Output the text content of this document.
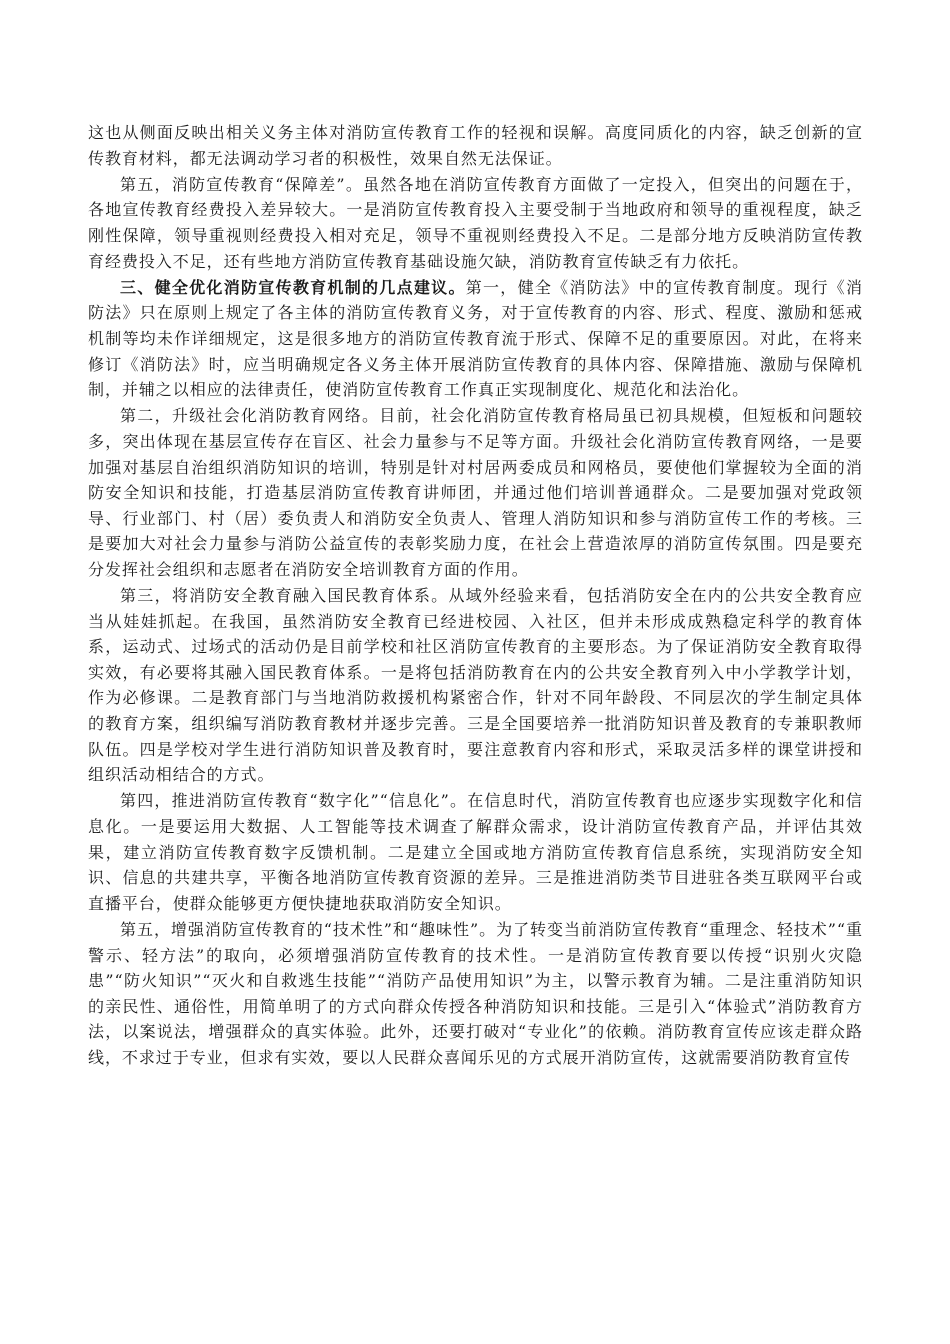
这也从侧面反映出相关义务主体对消防宣传教育工作的轻视和误解。高度同质化的内容，缺乏创新的宣传教育材料，都无法调动学习者的积极性，效果自然无法保证。

第五，消防宣传教育“保障差”。虽然各地在消防宣传教育方面做了一定投入，但突出的问题在于，各地宣传教育经费投入差异较大。一是消防宣传教育投入主要受制于当地政府和领导的重视程度，缺乏刚性保障，领导重视则经费投入相对充足，领导不重视则经费投入不足。二是部分地方反映消防宣传教育经费投入不足，还有些地方消防宣传教育基础设施欠缺，消防教育宣传缺乏有力依托。

三、健全优化消防宣传教育机制的几点建议。第一，健全《消防法》中的宣传教育制度。现行《消防法》只在原则上规定了各主体的消防宣传教育义务，对于宣传教育的内容、形式、程度、激励和惩戒机制等均未作详细规定，这是很多地方的消防宣传教育流于形式、保障不足的重要原因。对此，在将来修订《消防法》时，应当明确规定各义务主体开展消防宣传教育的具体内容、保障措施、激励与保障机制，并辅之以相应的法律责任，使消防宣传教育工作真正实现制度化、规范化和法治化。

第二，升级社会化消防教育网络。目前，社会化消防宣传教育格局虽已初具规模，但短板和问题较多，突出体现在基层宣传存在盲区、社会力量参与不足等方面。升级社会化消防宣传教育网络，一是要加强对基层自治组织消防知识的培训，特别是针对村居两委成员和网格员，要使他们掌握较为全面的消防安全知识和技能，打造基层消防宣传教育讲师团，并通过他们培训普通群众。二是要加强对党政领导、行业部门、村（居）委负责人和消防安全负责人、管理人消防知识和参与消防宣传工作的考核。三是要加大对社会力量参与消防公益宣传的表彰奖励力度，在社会上营造浓厚的消防宣传氛围。四是要充分发挥社会组织和志愿者在消防安全培训教育方面的作用。

第三，将消防安全教育融入国民教育体系。从域外经验来看，包括消防安全在内的公共安全教育应当从娃娃抓起。在我国，虽然消防安全教育已经进校园、入社区，但并未形成成熟稳定科学的教育体系，运动式、过场式的活动仍是目前学校和社区消防宣传教育的主要形态。为了保证消防安全教育取得实效，有必要将其融入国民教育体系。一是将包括消防教育在内的公共安全教育列入中小学教学计划，作为必修课。二是教育部门与当地消防救援机构紧密合作，针对不同年龄段、不同层次的学生制定具体的教育方案，组织编写消防教育教材并逐步完善。三是全国要培养一批消防知识普及教育的专兼职教师队伍。四是学校对学生进行消防知识普及教育时，要注意教育内容和形式，采取灵活多样的课堂讲授和组织活动相结合的方式。

第四，推进消防宣传教育“数字化”“信息化”。在信息时代，消防宣传教育也应逐步实现数字化和信息化。一是要运用大数据、人工智能等技术调查了解群众需求，设计消防宣传教育产品，并评估其效果，建立消防宣传教育数字反馈机制。二是建立全国或地方消防宣传教育信息系统，实现消防安全知识、信息的共建共享，平衡各地消防宣传教育资源的差异。三是推进消防类节目进驻各类互联网平台或直播平台，使群众能够更方便快捷地获取消防安全知识。

第五，增强消防宣传教育的“技术性”和“趣味性”。为了转变当前消防宣传教育“重理念、轻技术”“重警示、轻方法”的取向，必须增强消防宣传教育的技术性。一是消防宣传教育要以传授“识别火灾隐患”“防火知识”“灭火和自救逃生技能”“消防产品使用知识”为主，以警示教育为辅。二是注重消防知识的亲民性、通俗性，用简单明了的方式向群众传授各种消防知识和技能。三是引入“体验式”消防教育方法，以案说法，增强群众的真实体验。此外，还要打破对“专业化”的依赖。消防教育宣传应该走群众路线，不求过于专业，但求有实效，要以人民群众喜闻乐见的方式展开消防宣传，这就需要消防教育宣传
